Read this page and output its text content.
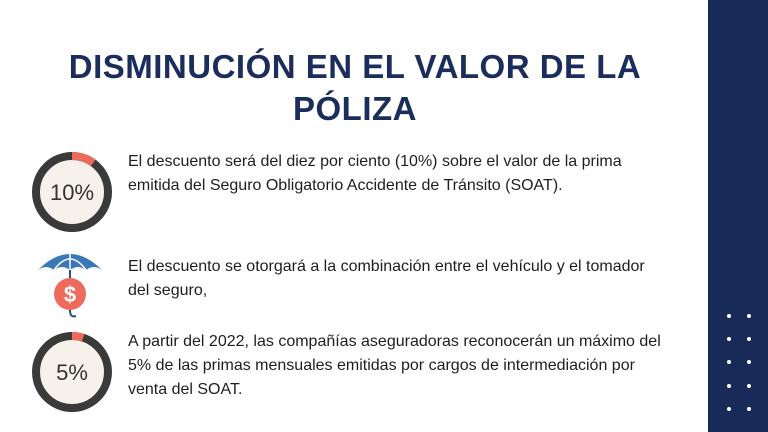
DISMINUCIÓN EN EL VALOR DE LA PÓLIZA
10%
El descuento será del diez por ciento (10%) sobre el valor de la prima emitida del Seguro Obligatorio Accidente de Tránsito (SOAT).
$
El descuento se otorgará a la combinación entre el vehículo y el tomador del seguro,
5%
A partir del 2022, las compañías aseguradoras reconocerán un máximo del 5% de las primas mensuales emitidas por cargos de intermediación por venta del SOAT.
